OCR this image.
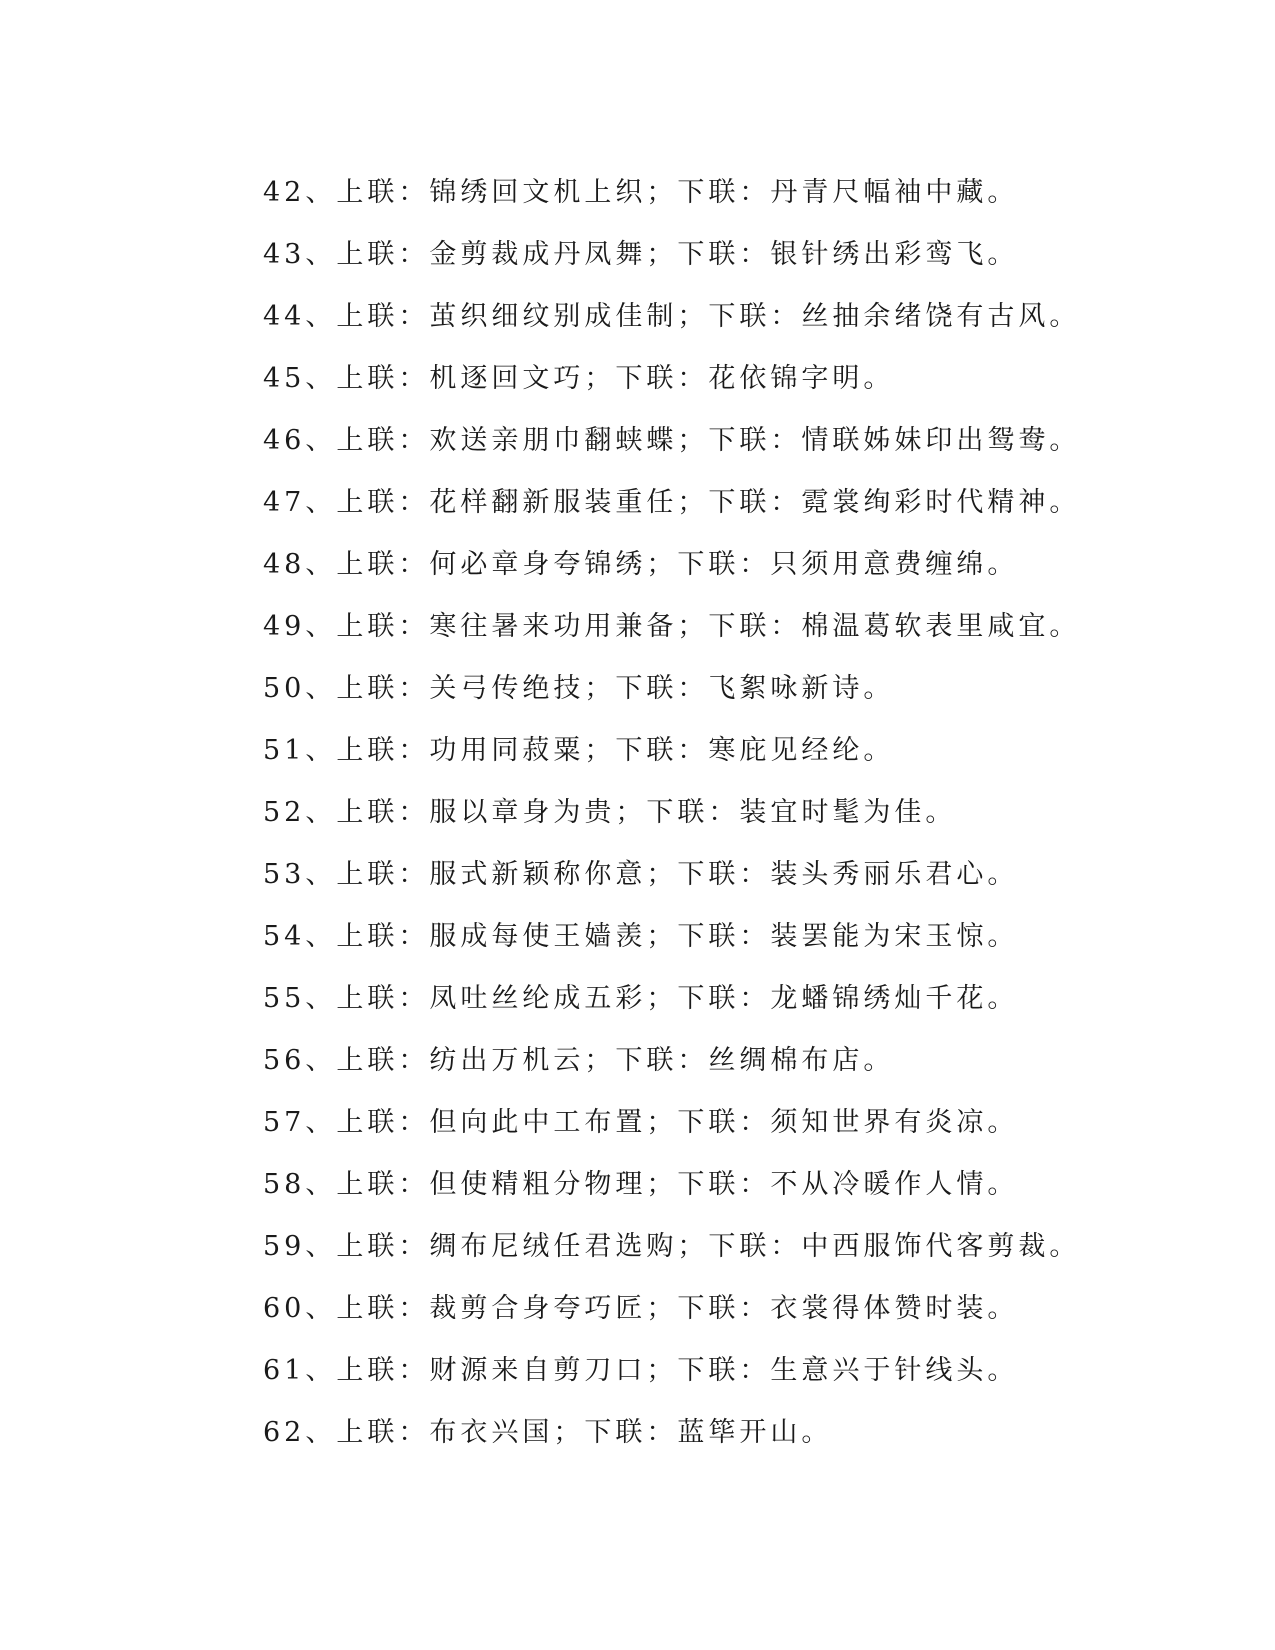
42、上联：锦绣回文机上织；下联：丹青尺幅袖中藏。
43、上联：金剪裁成丹凤舞；下联：银针绣出彩鸾飞。
44、上联：茧织细纹别成佳制；下联：丝抽余绪饶有古风。
45、上联：机逐回文巧；下联：花依锦字明。
46、上联：欢送亲朋巾翻蛱蝶；下联：情联姊妹印出鸳鸯。
47、上联：花样翻新服装重任；下联：霓裳绚彩时代精神。
48、上联：何必章身夸锦绣；下联：只须用意费缠绵。
49、上联：寒往暑来功用兼备；下联：棉温葛软表里咸宜。
50、上联：关弓传绝技；下联：飞絮咏新诗。
51、上联：功用同菽粟；下联：寒庇见经纶。
52、上联：服以章身为贵；下联：装宜时髦为佳。
53、上联：服式新颖称你意；下联：装头秀丽乐君心。
54、上联：服成每使王嫱羡；下联：装罢能为宋玉惊。
55、上联：凤吐丝纶成五彩；下联：龙蟠锦绣灿千花。
56、上联：纺出万机云；下联：丝绸棉布店。
57、上联：但向此中工布置；下联：须知世界有炎凉。
58、上联：但使精粗分物理；下联：不从冷暖作人情。
59、上联：绸布尼绒任君选购；下联：中西服饰代客剪裁。
60、上联：裁剪合身夸巧匠；下联：衣裳得体赞时装。
61、上联：财源来自剪刀口；下联：生意兴于针线头。
62、上联：布衣兴国；下联：蓝筚开山。
